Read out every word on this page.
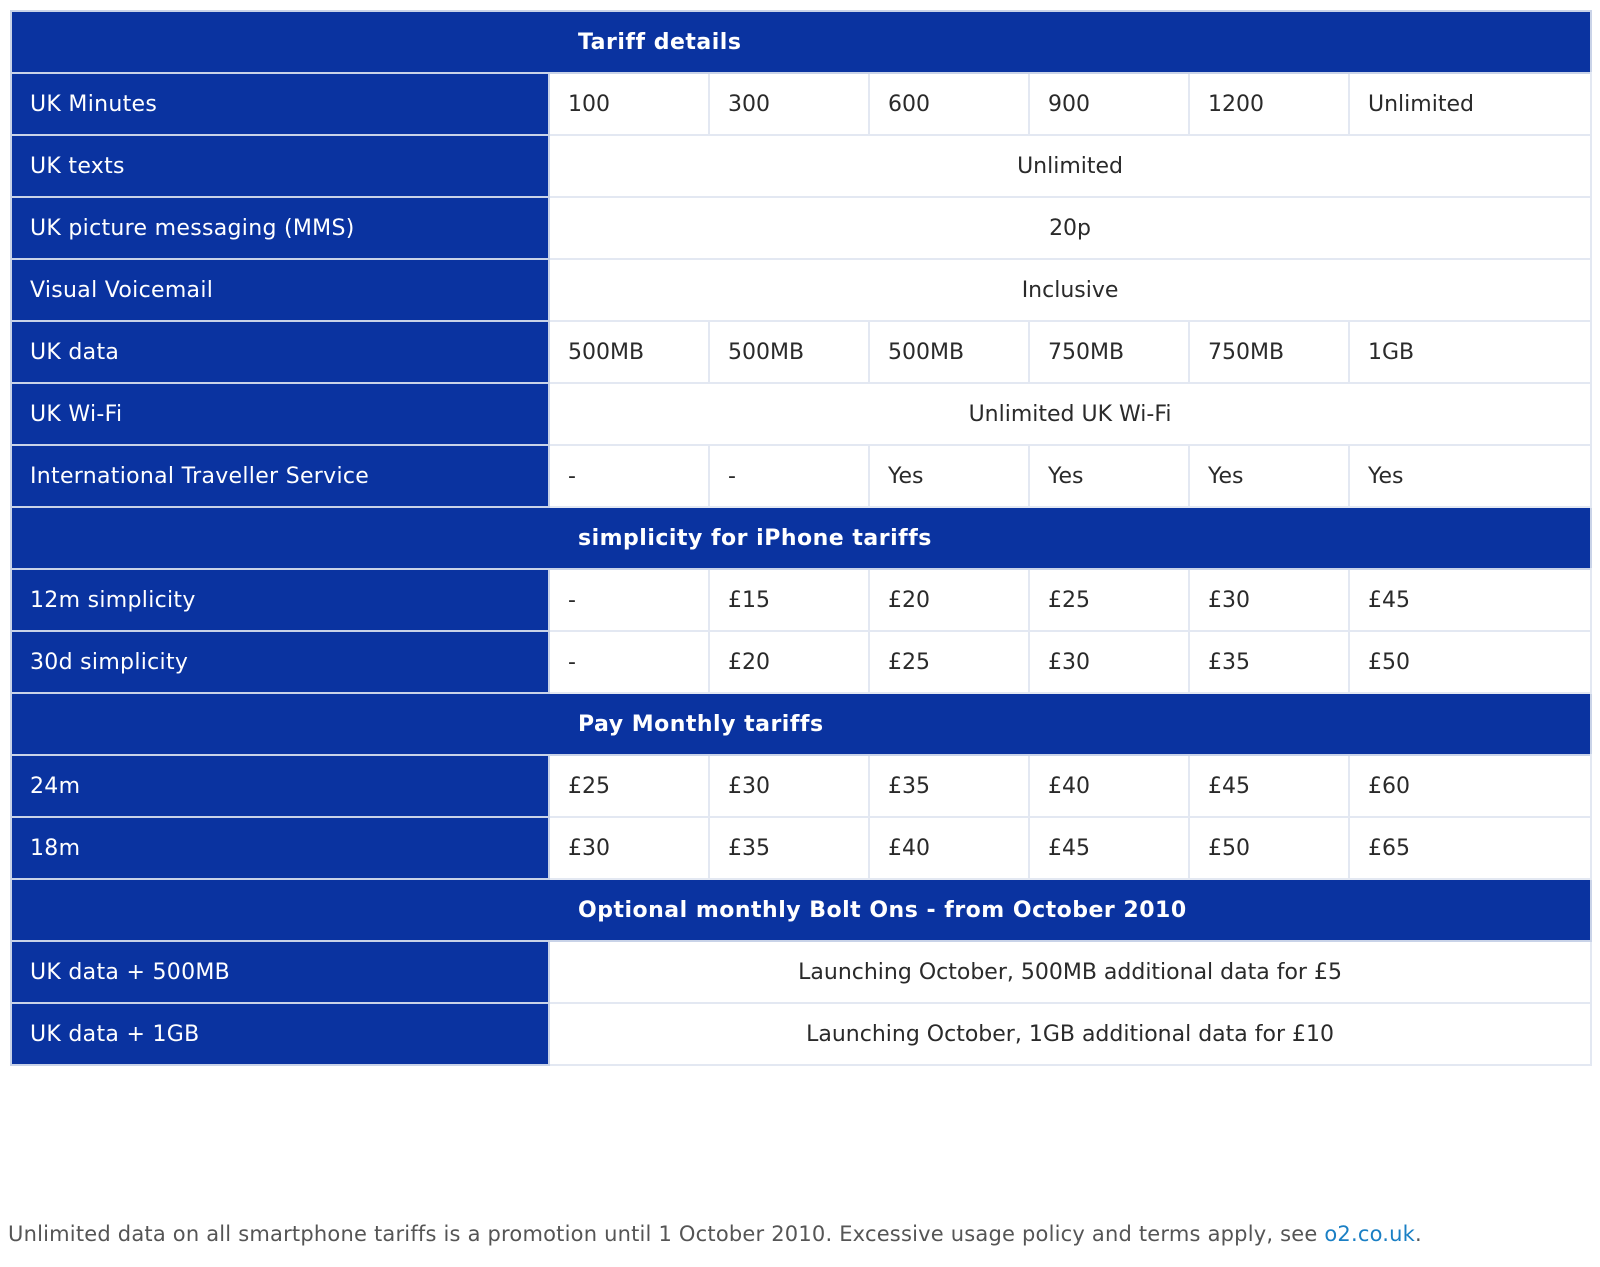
Tariff details						
UK Minutes	100	300	600	900	1200	Unlimited
UK texts	Unlimited					
UK picture messaging (MMS)	20p					
Visual Voicemail	Inclusive					
UK data	500MB	500MB	500MB	750MB	750MB	1GB
UK Wi-Fi	Unlimited UK Wi-Fi					
International Traveller Service	-	-	Yes	Yes	Yes	Yes
simplicity for iPhone tariffs						
12m simplicity	-	£15	£20	£25	£30	£45
30d simplicity	-	£20	£25	£30	£35	£50
Pay Monthly tariffs						
24m	£25	£30	£35	£40	£45	£60
18m	£30	£35	£40	£45	£50	£65
Optional monthly Bolt Ons - from October 2010						
UK data + 500MB	Launching October, 500MB additional data for £5					
UK data + 1GB	Launching October, 1GB additional data for £10					
Unlimited data on all smartphone tariffs is a promotion until 1 October 2010. Excessive usage policy and terms apply, see o2.co.uk.
